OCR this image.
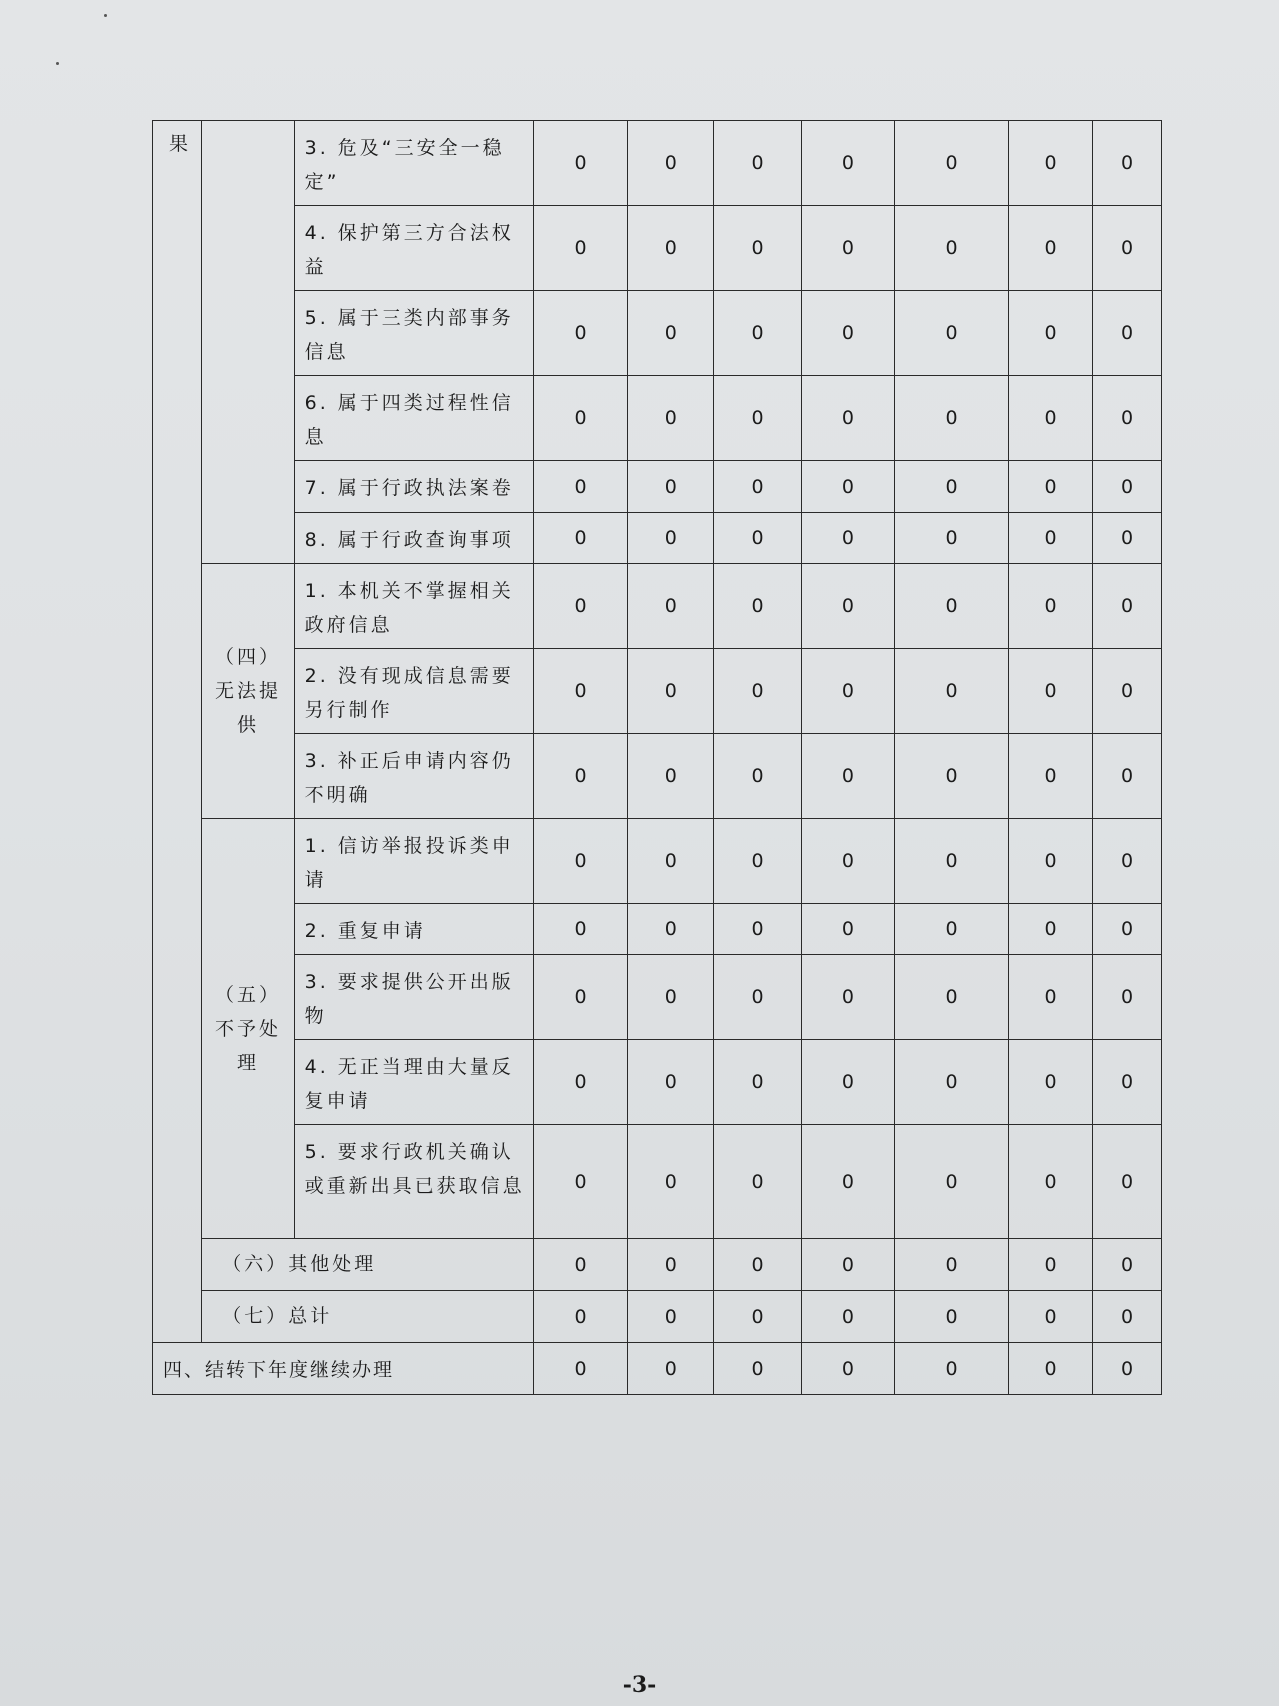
果		3. 危及“三安全一稳定”	0	0	0	0	0	0	0
		4. 保护第三方合法权益	0	0	0	0	0	0	0
		5. 属于三类内部事务信息	0	0	0	0	0	0	0
		6. 属于四类过程性信息	0	0	0	0	0	0	0
		7. 属于行政执法案卷	0	0	0	0	0	0	0
		8. 属于行政查询事项	0	0	0	0	0	0	0
	（四）无法提供	1. 本机关不掌握相关政府信息	0	0	0	0	0	0	0
		2. 没有现成信息需要另行制作	0	0	0	0	0	0	0
		3. 补正后申请内容仍不明确	0	0	0	0	0	0	0
	（五）不予处理	1. 信访举报投诉类申请	0	0	0	0	0	0	0
		2. 重复申请	0	0	0	0	0	0	0
		3. 要求提供公开出版物	0	0	0	0	0	0	0
		4. 无正当理由大量反复申请	0	0	0	0	0	0	0
		5. 要求行政机关确认或重新出具已获取信息	0	0	0	0	0	0	0
	（六）其他处理		0	0	0	0	0	0	0
	（七）总计		0	0	0	0	0	0	0
四、结转下年度继续办理			0	0	0	0	0	0	0
-3-
